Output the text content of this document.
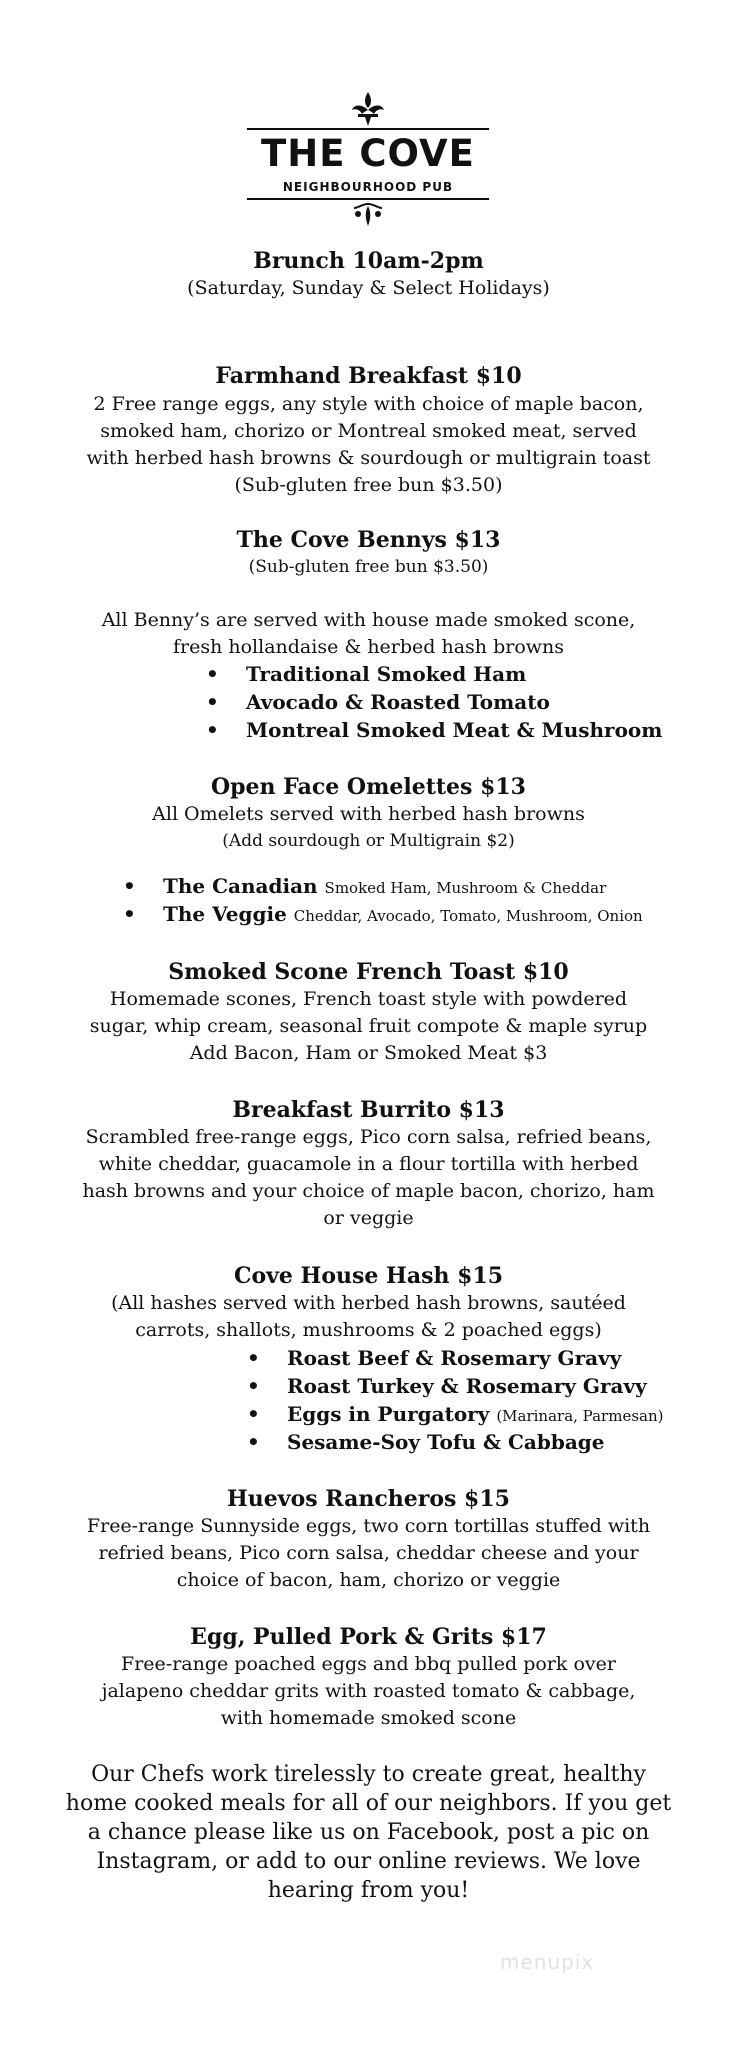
THE COVE
NEIGHBOURHOOD PUB
Brunch 10am-2pm
(Saturday, Sunday & Select Holidays)
Farmhand Breakfast $10
2 Free range eggs, any style with choice of maple bacon,
smoked ham, chorizo or Montreal smoked meat, served
with herbed hash browns & sourdough or multigrain toast
(Sub-gluten free bun $3.50)
The Cove Bennys $13
(Sub-gluten free bun $3.50)
All Benny’s are served with house made smoked scone,
fresh hollandaise & herbed hash browns
• Traditional Smoked Ham
• Avocado & Roasted Tomato
• Montreal Smoked Meat & Mushroom
Open Face Omelettes $13
All Omelets served with herbed hash browns
(Add sourdough or Multigrain $2)
• The Canadian Smoked Ham, Mushroom & Cheddar
• The Veggie Cheddar, Avocado, Tomato, Mushroom, Onion
Smoked Scone French Toast $10
Homemade scones, French toast style with powdered
sugar, whip cream, seasonal fruit compote & maple syrup
Add Bacon, Ham or Smoked Meat $3
Breakfast Burrito $13
Scrambled free-range eggs, Pico corn salsa, refried beans,
white cheddar, guacamole in a flour tortilla with herbed
hash browns and your choice of maple bacon, chorizo, ham
or veggie
Cove House Hash $15
(All hashes served with herbed hash browns, sautéed
carrots, shallots, mushrooms & 2 poached eggs)
• Roast Beef & Rosemary Gravy
• Roast Turkey & Rosemary Gravy
• Eggs in Purgatory (Marinara, Parmesan)
• Sesame-Soy Tofu & Cabbage
Huevos Rancheros $15
Free-range Sunnyside eggs, two corn tortillas stuffed with
refried beans, Pico corn salsa, cheddar cheese and your
choice of bacon, ham, chorizo or veggie
Egg, Pulled Pork & Grits $17
Free-range poached eggs and bbq pulled pork over
jalapeno cheddar grits with roasted tomato & cabbage,
with homemade smoked scone
Our Chefs work tirelessly to create great, healthy
home cooked meals for all of our neighbors. If you get
a chance please like us on Facebook, post a pic on
Instagram, or add to our online reviews. We love
hearing from you!
menupix
